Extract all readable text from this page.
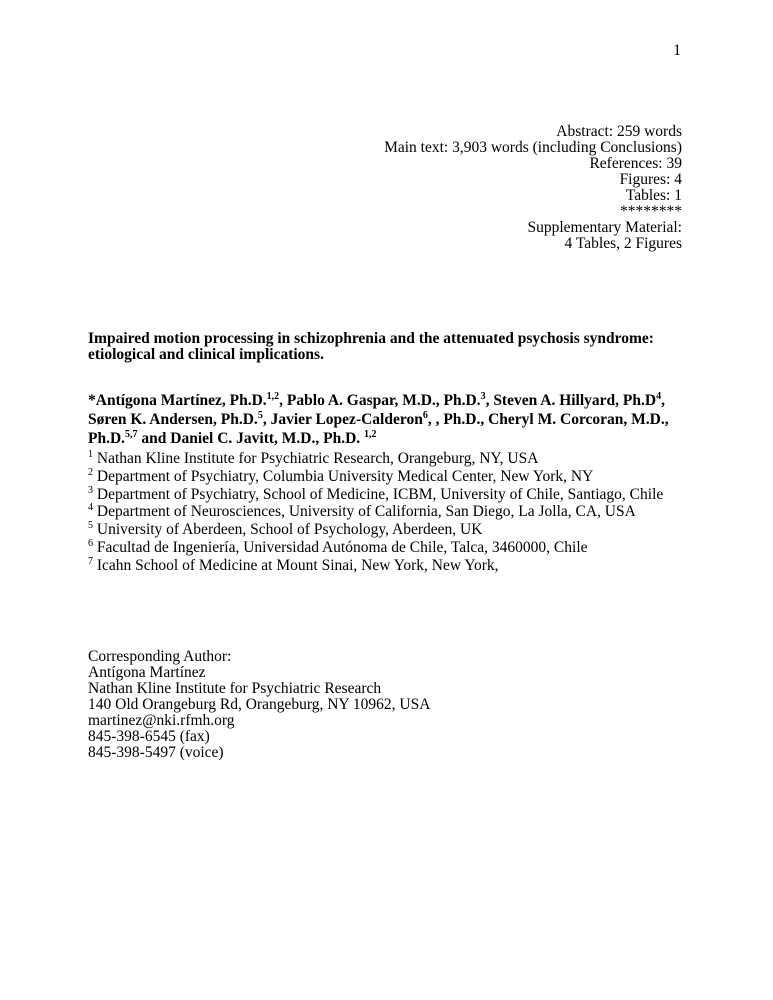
1
Abstract: 259 words
Main text: 3,903 words (including Conclusions)
References: 39
Figures: 4
Tables: 1
********
Supplementary Material:
4 Tables, 2 Figures

Impaired motion processing in schizophrenia and the attenuated psychosis syndrome: etiological and clinical implications.

*Antígona Martínez, Ph.D.$^{1,2}$, Pablo A. Gaspar, M.D., Ph.D.$^3$, Steven A. Hillyard, $Ph.D^4$, Søren K. Andersen, Ph.D.$^5$, Javier Lopez-Calderon$^6$, , Ph.D., Cheryl M. Corcoran, M.D., Ph.D.$^{5,7}$ and Daniel C. Javitt, M.D., Ph.D. $^{1,2}$

$^1$ Nathan Kline Institute for Psychiatric Research, Orangeburg, NY, USA
$^2$ Department of Psychiatry, Columbia University Medical Center, New York, NY
$^3$ Department of Psychiatry, School of Medicine, ICBM, University of Chile, Santiago, Chile
$^4$ Department of Neurosciences, University of California, San Diego, La Jolla, CA, USA
$^5$ University of Aberdeen, School of Psychology, Aberdeen, UK
$^6$ Facultad de Ingeniería, Universidad Autónoma de Chile, Talca, 3460000, Chile
$^7$ Icahn School of Medicine at Mount Sinai, New York, New York,
Corresponding Author:
Antígona Martínez
Nathan Kline Institute for Psychiatric Research
140 Old Orangeburg Rd, Orangeburg, NY 10962, USA
martinez@nki.rfmh.org
845-398-6545 (fax)
845-398-5497 (voice)
